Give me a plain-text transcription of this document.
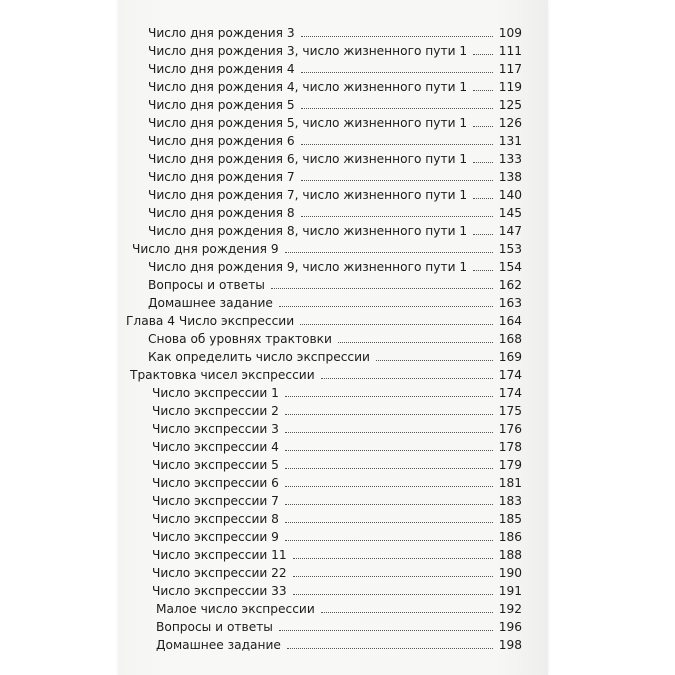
Число дня рождения 3	109
Число дня рождения 3, число жизненного пути 1	111
Число дня рождения 4	117
Число дня рождения 4, число жизненного пути 1	119
Число дня рождения 5	125
Число дня рождения 5, число жизненного пути 1	126
Число дня рождения 6	131
Число дня рождения 6, число жизненного пути 1	133
Число дня рождения 7	138
Число дня рождения 7, число жизненного пути 1	140
Число дня рождения 8	145
Число дня рождения 8, число жизненного пути 1	147
Число дня рождения 9	153
Число дня рождения 9, число жизненного пути 1	154
Вопросы и ответы	162
Домашнее задание	163
Глава 4 Число экспрессии	164
Снова об уровнях трактовки	168
Как определить число экспрессии	169
Трактовка чисел экспрессии	174
Число экспрессии 1	174
Число экспрессии 2	175
Число экспрессии 3	176
Число экспрессии 4	178
Число экспрессии 5	179
Число экспрессии 6	181
Число экспрессии 7	183
Число экспрессии 8	185
Число экспрессии 9	186
Число экспрессии 11	188
Число экспрессии 22	190
Число экспрессии 33	191
Малое число экспрессии	192
Вопросы и ответы	196
Домашнее задание	198
